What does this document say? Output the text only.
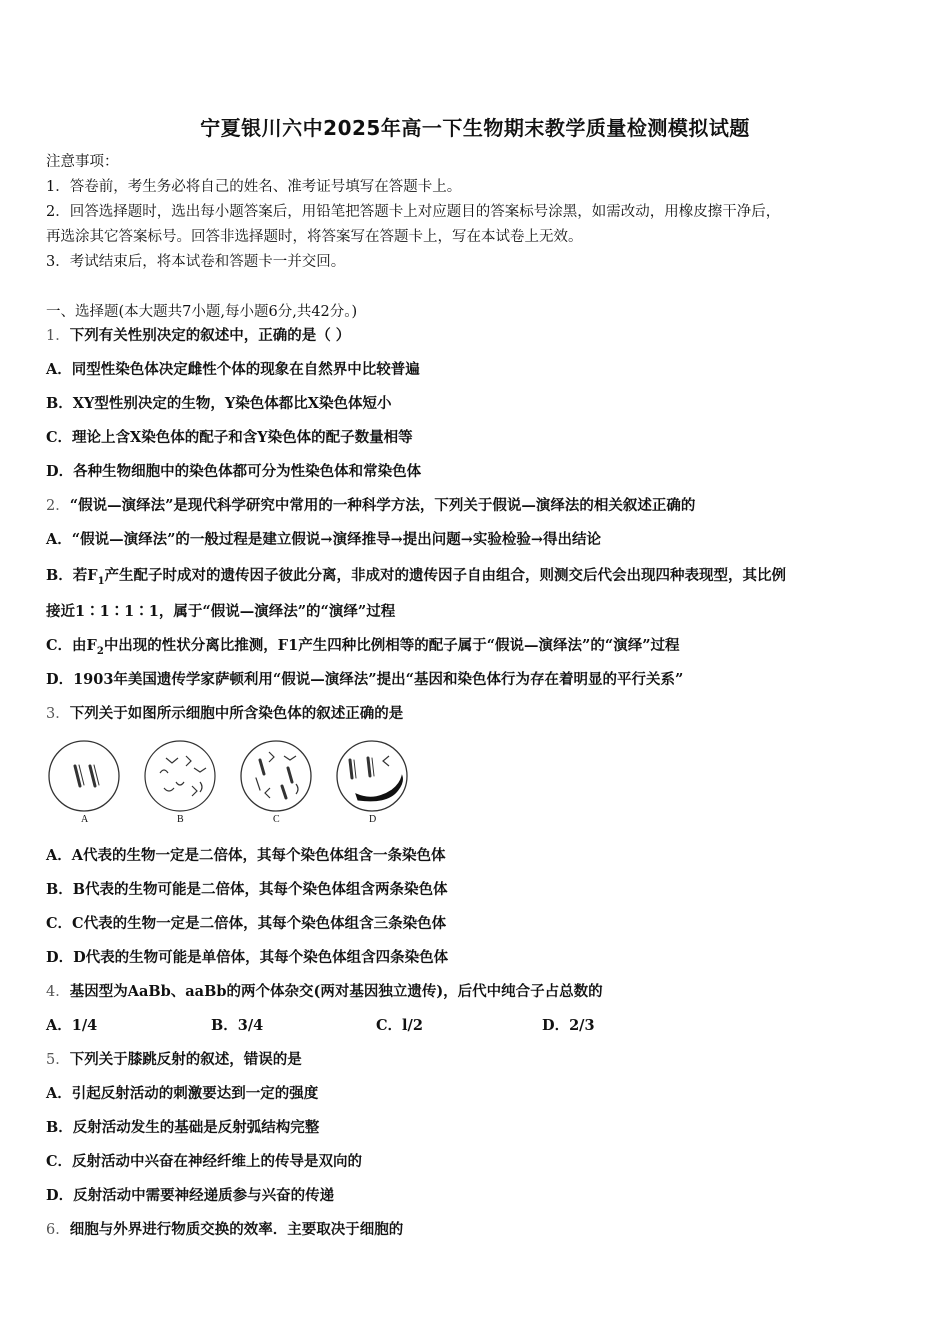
宁夏银川六中2025年高一下生物期末教学质量检测模拟试题
注意事项：
1．答卷前，考生务必将自己的姓名、准考证号填写在答题卡上。
2．回答选择题时，选出每小题答案后，用铅笔把答题卡上对应题目的答案标号涂黑，如需改动，用橡皮擦干净后，
再选涂其它答案标号。回答非选择题时，将答案写在答题卡上，写在本试卷上无效。
3．考试结束后，将本试卷和答题卡一并交回。
一、选择题(本大题共7小题,每小题6分,共42分。)
1．下列有关性别决定的叙述中，正确的是（ ）
A．同型性染色体决定雌性个体的现象在自然界中比较普遍
B．XY型性别决定的生物，Y染色体都比X染色体短小
C．理论上含X染色体的配子和含Y染色体的配子数量相等
D．各种生物细胞中的染色体都可分为性染色体和常染色体
2．“假说—演绎法”是现代科学研究中常用的一种科学方法，下列关于假说—演绎法的相关叙述正确的
A．“假说—演绎法”的一般过程是建立假说→演绎推导→提出问题→实验检验→得出结论
B．若$F_1$产生配子时成对的遗传因子彼此分离，非成对的遗传因子自由组合，则测交后代会出现四种表现型，其比例
接近1∶1∶1∶1，属于“假说—演绎法”的“演绎”过程
C．由$F_2$中出现的性状分离比推测，F1产生四种比例相等的配子属于“假说—演绎法”的“演绎”过程
D．1903年美国遗传学家萨顿利用“假说—演绎法”提出“基因和染色体行为存在着明显的平行关系”
3．下列关于如图所示细胞中所含染色体的叙述正确的是
A	B	C	D
A．A代表的生物一定是二倍体，其每个染色体组含一条染色体
B．B代表的生物可能是二倍体，其每个染色体组含两条染色体
C．C代表的生物一定是二倍体，其每个染色体组含三条染色体
D．D代表的生物可能是单倍体，其每个染色体组含四条染色体
4．基因型为AaBb、aaBb的两个体杂交(两对基因独立遗传)，后代中纯合子占总数的
A．1/4	B．3/4	C．l/2	D．2/3
5．下列关于膝跳反射的叙述，错误的是
A．引起反射活动的刺激要达到一定的强度
B．反射活动发生的基础是反射弧结构完整
C．反射活动中兴奋在神经纤维上的传导是双向的
D．反射活动中需要神经递质参与兴奋的传递
6．细胞与外界进行物质交换的效率．主要取决于细胞的
